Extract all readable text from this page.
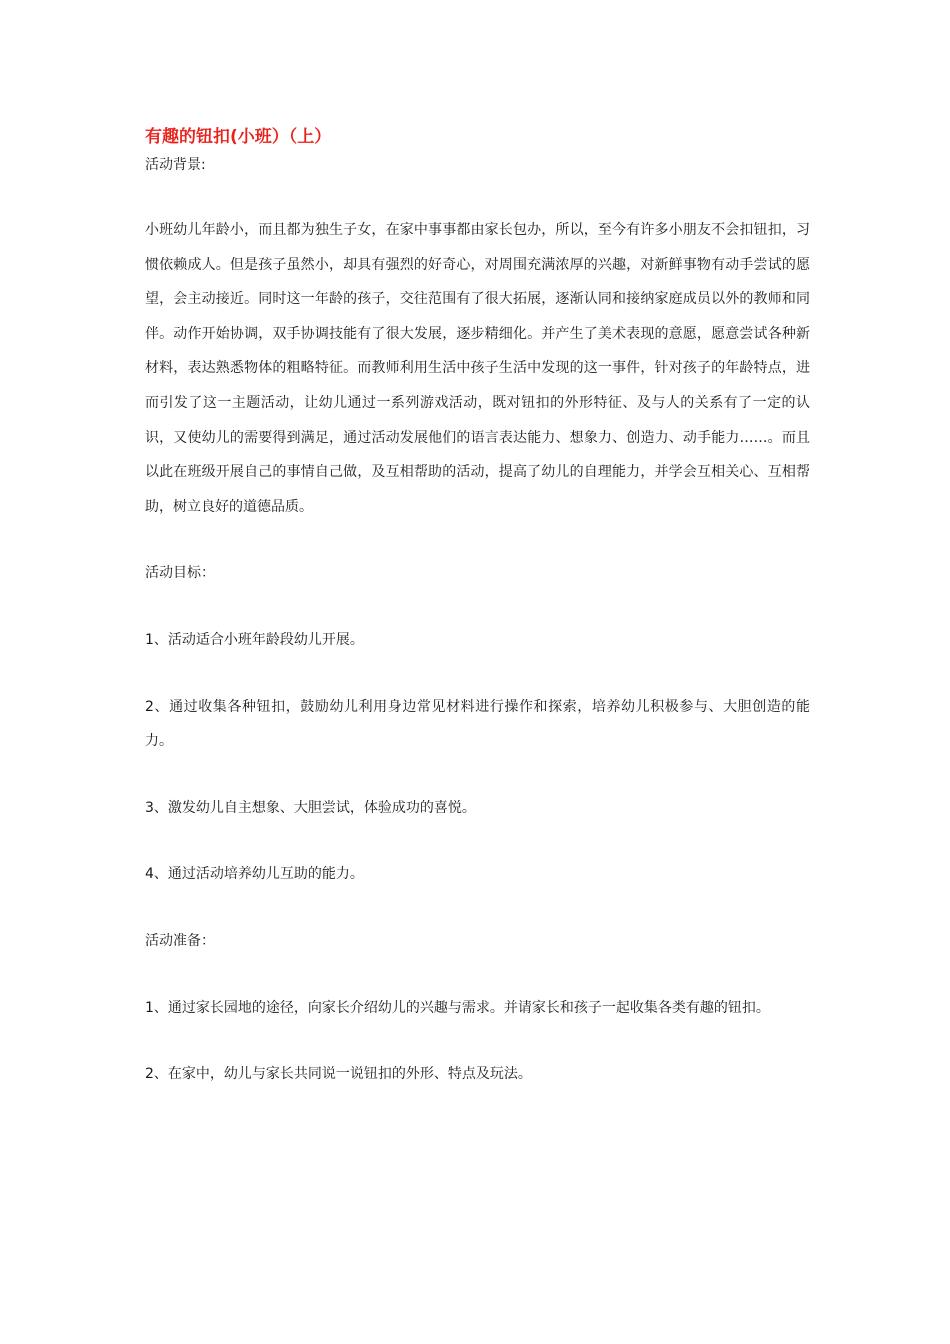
有趣的钮扣(小班）（上）

活动背景:

小班幼儿年龄小，而且都为独生子女，在家中事事都由家长包办，所以，至今有许多小朋友不会扣钮扣，习惯依赖成人。但是孩子虽然小，却具有强烈的好奇心，对周围充满浓厚的兴趣，对新鲜事物有动手尝试的愿望，会主动接近。同时这一年龄的孩子，交往范围有了很大拓展，逐渐认同和接纳家庭成员以外的教师和同伴。动作开始协调，双手协调技能有了很大发展，逐步精细化。并产生了美术表现的意愿，愿意尝试各种新材料，表达熟悉物体的粗略特征。而教师利用生活中孩子生活中发现的这一事件，针对孩子的年龄特点，进而引发了这一主题活动，让幼儿通过一系列游戏活动，既对钮扣的外形特征、及与人的关系有了一定的认识，又使幼儿的需要得到满足，通过活动发展他们的语言表达能力、想象力、创造力、动手能力……。而且以此在班级开展自己的事情自己做，及互相帮助的活动，提高了幼儿的自理能力，并学会互相关心、互相帮助，树立良好的道德品质。

活动目标：

1、活动适合小班年龄段幼儿开展。

2、通过收集各种钮扣，鼓励幼儿利用身边常见材料进行操作和探索，培养幼儿积极参与、大胆创造的能力。

3、激发幼儿自主想象、大胆尝试，体验成功的喜悦。

4、通过活动培养幼儿互助的能力。

活动准备：

1、通过家长园地的途径，向家长介绍幼儿的兴趣与需求。并请家长和孩子一起收集各类有趣的钮扣。

2、在家中，幼儿与家长共同说一说钮扣的外形、特点及玩法。
